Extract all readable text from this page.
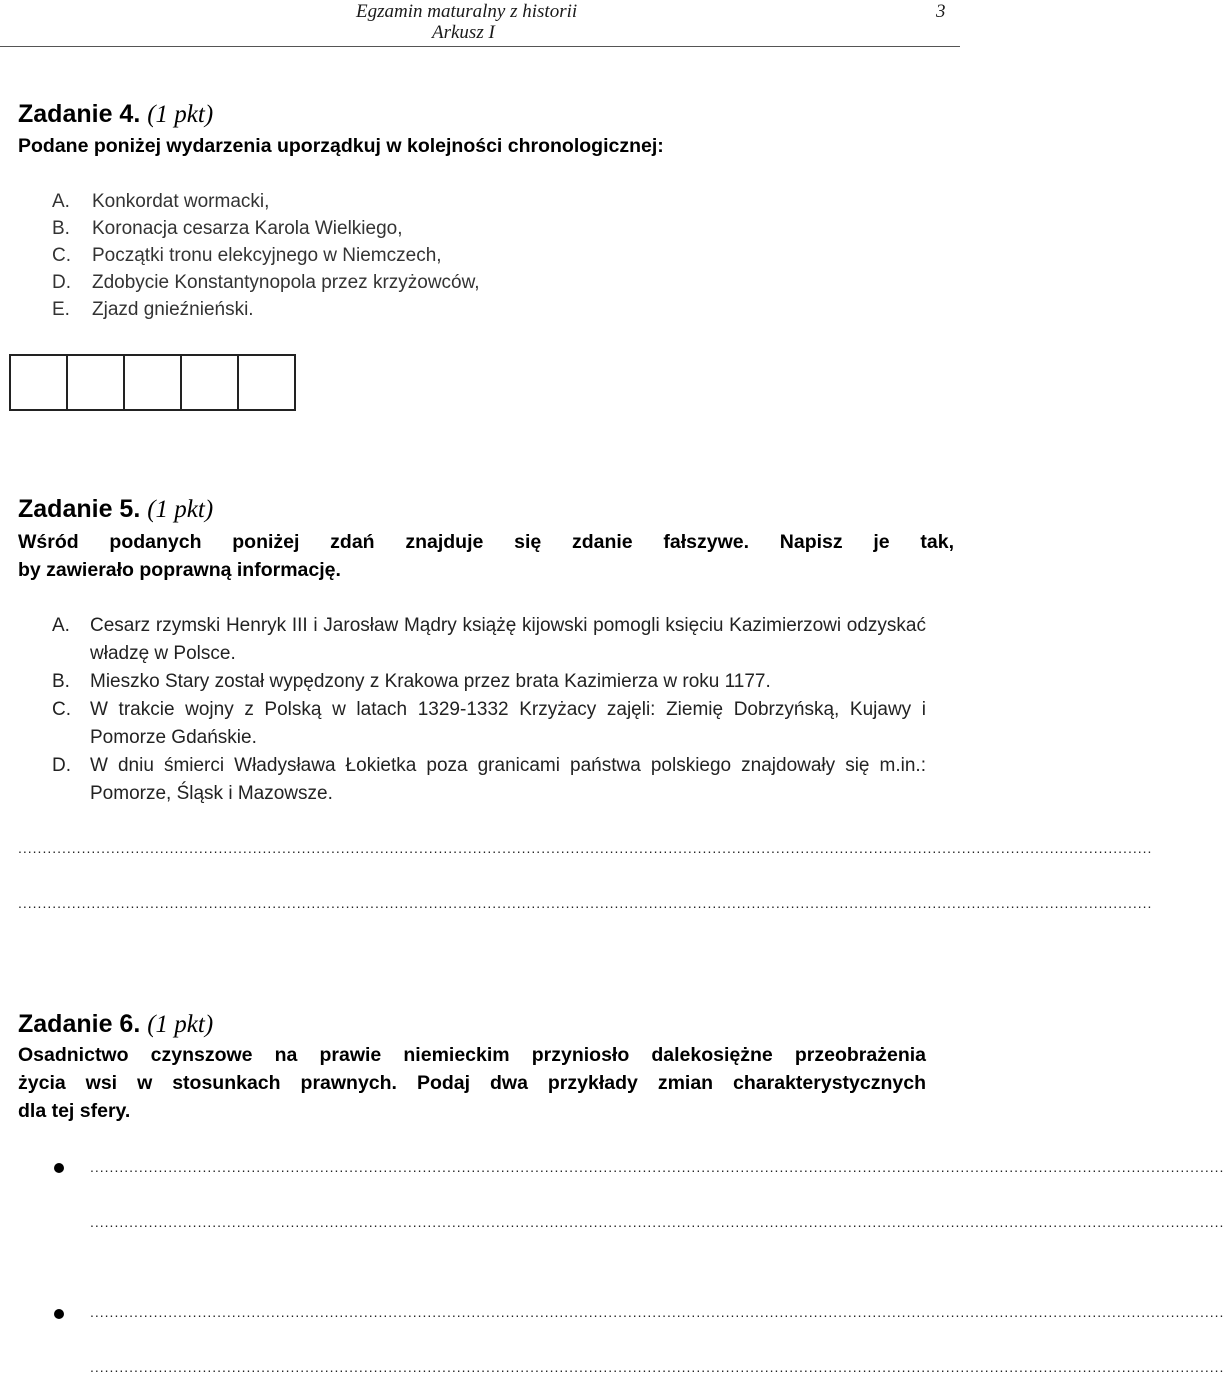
Egzamin maturalny z historii
Arkusz I
3
Zadanie 4. (1 pkt)
Podane poniżej wydarzenia uporządkuj w kolejności chronologicznej:
A. Konkordat wormacki,
B. Koronacja cesarza Karola Wielkiego,
C. Początki tronu elekcyjnego w Niemczech,
D. Zdobycie Konstantynopola przez krzyżowców,
E. Zjazd gnieźnieński.
Zadanie 5. (1 pkt)
Wśród podanych poniżej zdań znajduje się zdanie fałszywe. Napisz je tak,
by zawierało poprawną informację.
A. Cesarz rzymski Henryk III i Jarosław Mądry książę kijowski pomogli księciu Kazimierzowi odzyskać władzę w Polsce.
B. Mieszko Stary został wypędzony z Krakowa przez brata Kazimierza w roku 1177.
C. W trakcie wojny z Polską w latach 1329-1332 Krzyżacy zajęli: Ziemię Dobrzyńską, Kujawy i Pomorze Gdańskie.
D. W dniu śmierci Władysława Łokietka poza granicami państwa polskiego znajdowały się m.in.: Pomorze, Śląsk i Mazowsze.
........................................................................................................................................................................................................................................
........................................................................................................................................................................................................................................
Zadanie 6. (1 pkt)
Osadnictwo czynszowe na prawie niemieckim przyniosło dalekosiężne przeobrażenia
życia wsi w stosunkach prawnych. Podaj dwa przykłady zmian charakterystycznych
dla tej sfery.
........................................................................................................................................................................................................................................
........................................................................................................................................................................................................................................
........................................................................................................................................................................................................................................
........................................................................................................................................................................................................................................
